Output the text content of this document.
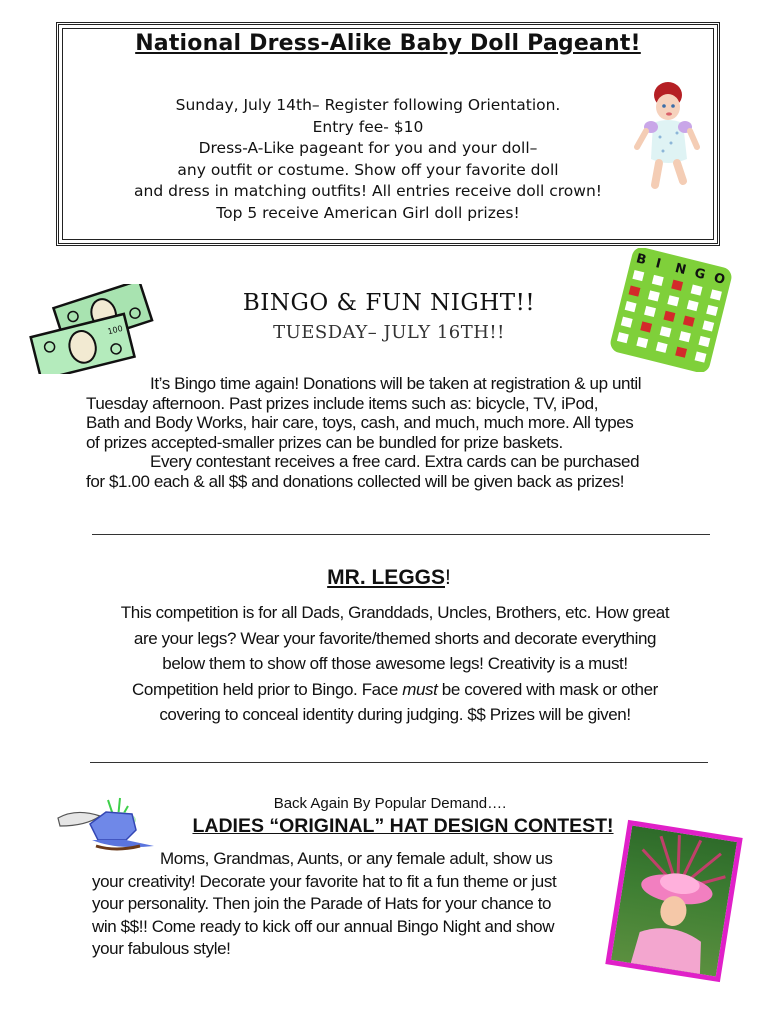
National Dress-Alike Baby Doll Pageant!
Sunday, July 14th– Register following Orientation.
Entry fee- $10
Dress-A-Like pageant for you and your doll–
any outfit or costume. Show off your favorite doll
and dress in matching outfits! All entries receive doll crown!
Top 5 receive American Girl doll prizes!
100
BINGO & FUN NIGHT!!
TUESDAY– JULY 16TH!!
B I N G O
It’s Bingo time again! Donations will be taken at registration & up until
Tuesday afternoon. Past prizes include items such as: bicycle, TV, iPod,
Bath and Body Works, hair care, toys, cash, and much, much more. All types
of prizes accepted-smaller prizes can be bundled for prize baskets.
Every contestant receives a free card. Extra cards can be purchased
for $1.00 each & all $$ and donations collected will be given back as prizes!
MR. LEGGS!
This competition is for all Dads, Granddads, Uncles, Brothers, etc. How great
are your legs? Wear your favorite/themed shorts and decorate everything
below them to show off those awesome legs! Creativity is a must!
Competition held prior to Bingo. Face must be covered with mask or other
covering to conceal identity during judging. $$ Prizes will be given!
Back Again By Popular Demand….
LADIES “ORIGINAL” HAT DESIGN CONTEST!
Moms, Grandmas, Aunts, or any female adult, show us
your creativity! Decorate your favorite hat to fit a fun theme or just
your personality. Then join the Parade of Hats for your chance to
win $$!! Come ready to kick off our annual Bingo Night and show
your fabulous style!
